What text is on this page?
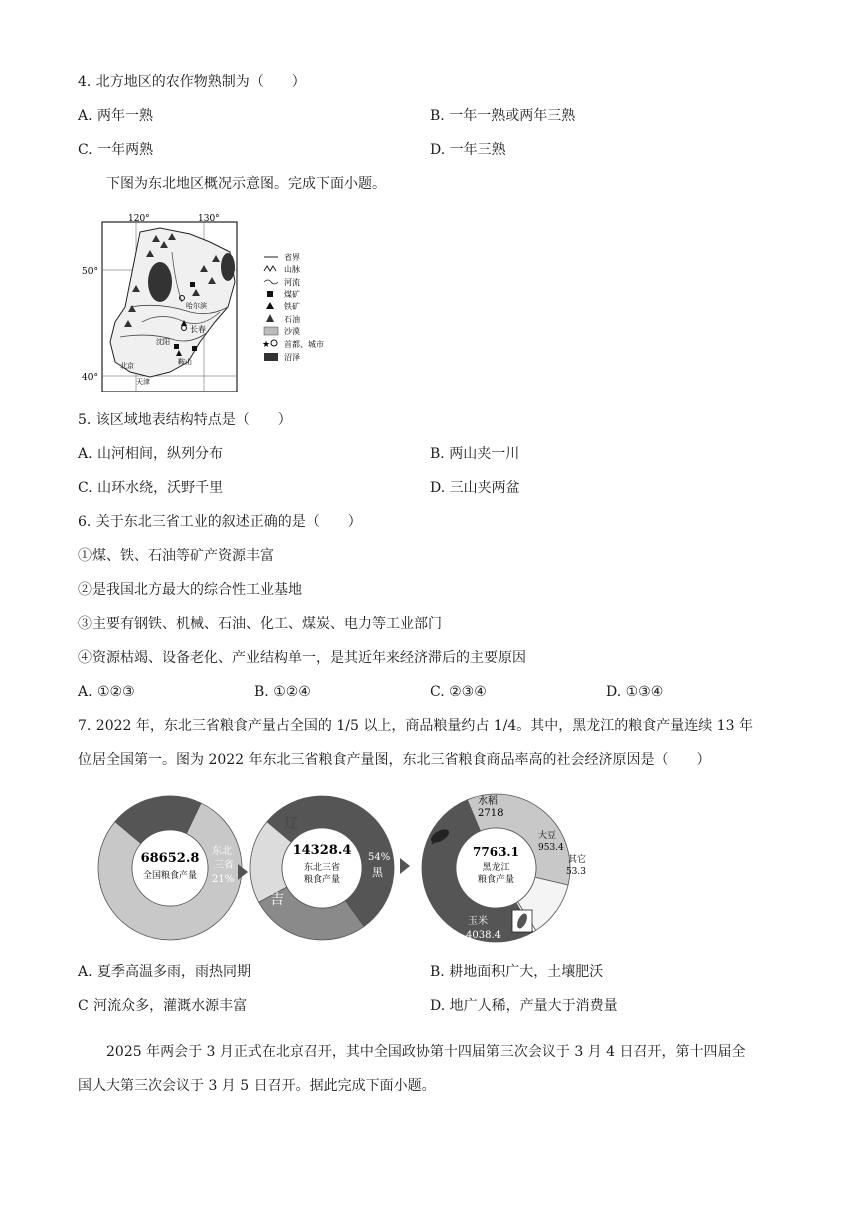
4. 北方地区的农作物熟制为（　　）
A. 两年一熟	B. 一年一熟或两年三熟
C. 一年两熟	D. 一年三熟
下图为东北地区概况示意图。完成下面小题。
120°	130°
50°
40°
哈尔滨
长春
沈阳
鞍山
北京
天津
省界
山脉
河流
煤矿
铁矿
石油
沙漠
★ 首都、城市
沼泽
5. 该区域地表结构特点是（　　）
A. 山河相间，纵列分布	B. 两山夹一川
C. 山环水绕，沃野千里	D. 三山夹两盆
6. 关于东北三省工业的叙述正确的是（　　）
①煤、铁、石油等矿产资源丰富
②是我国北方最大的综合性工业基地
③主要有钢铁、机械、石油、化工、煤炭、电力等工业部门
④资源枯竭、设备老化、产业结构单一，是其近年来经济滞后的主要原因
A. ①②③	B. ①②④	C. ②③④	D. ①③④
7. 2022 年，东北三省粮食产量占全国的 1/5 以上，商品粮量约占 1/4。其中，黑龙江的粮食产量连续 13 年
位居全国第一。图为 2022 年东北三省粮食产量图，东北三省粮食商品率高的社会经济原因是（　　）
68652.8
全国粮食产量
东北
三省
21%
14328.4
东北三省
粮食产量
辽
吉
54%
黑
7763.1
黑龙江
粮食产量
水稻
2718
大豆
953.4
其它
53.3
玉米
4038.4
A. 夏季高温多雨，雨热同期	B. 耕地面积广大，土壤肥沃
C 河流众多，灌溉水源丰富	D. 地广人稀，产量大于消费量
2025 年两会于 3 月正式在北京召开，其中全国政协第十四届第三次会议于 3 月 4 日召开，第十四届全
国人大第三次会议于 3 月 5 日召开。据此完成下面小题。
